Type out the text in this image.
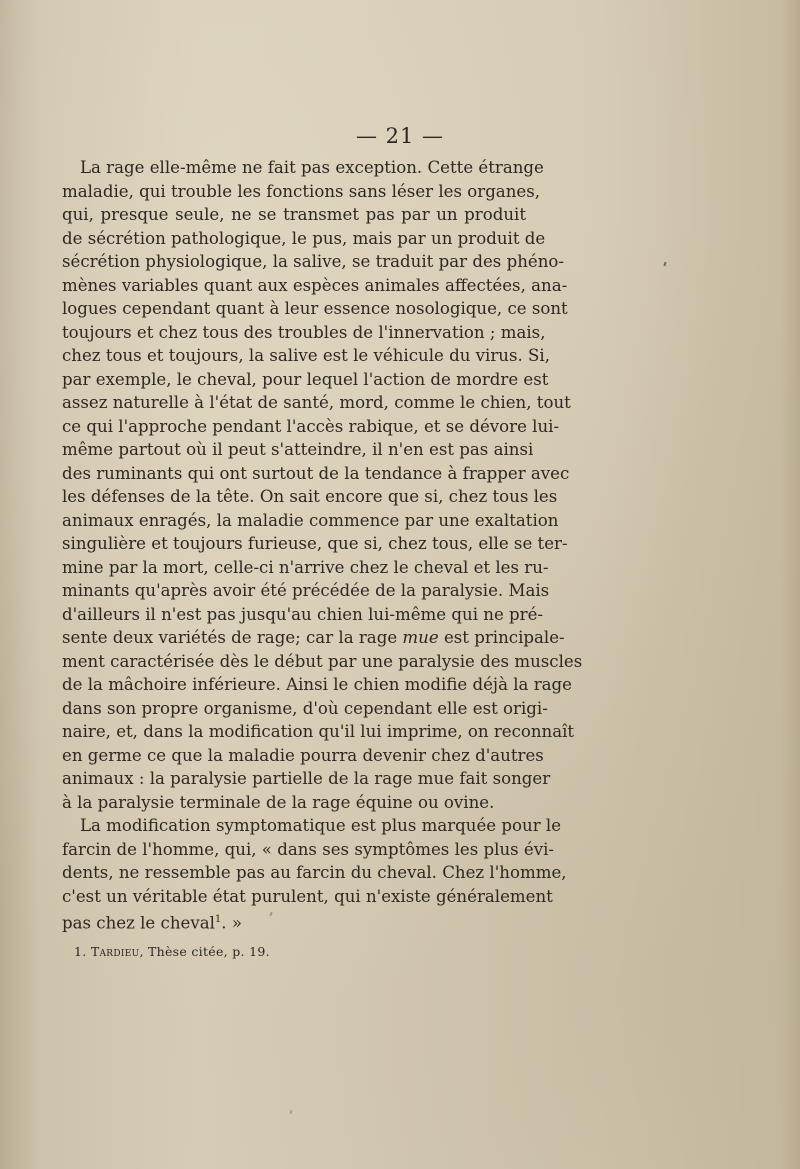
— 21 —
La rage elle-même ne fait pas exception. Cette étrange
maladie, qui trouble les fonctions sans léser les organes,
qui, presque seule, ne se transmet pas par un produit
de sécrétion pathologique, le pus, mais par un produit de
sécrétion physiologique, la salive, se traduit par des phéno-
mènes variables quant aux espèces animales affectées, ana-
logues cependant quant à leur essence nosologique, ce sont
toujours et chez tous des troubles de l'innervation ; mais,
chez tous et toujours, la salive est le véhicule du virus. Si,
par exemple, le cheval, pour lequel l'action de mordre est
assez naturelle à l'état de santé, mord, comme le chien, tout
ce qui l'approche pendant l'accès rabique, et se dévore lui-
même partout où il peut s'atteindre, il n'en est pas ainsi
des ruminants qui ont surtout de la tendance à frapper avec
les défenses de la tête. On sait encore que si, chez tous les
animaux enragés, la maladie commence par une exaltation
singulière et toujours furieuse, que si, chez tous, elle se ter-
mine par la mort, celle-ci n'arrive chez le cheval et les ru-
minants qu'après avoir été précédée de la paralysie. Mais
d'ailleurs il n'est pas jusqu'au chien lui-même qui ne pré-
sente deux variétés de rage; car la rage mue est principale-
ment caractérisée dès le début par une paralysie des muscles
de la mâchoire inférieure. Ainsi le chien modifie déjà la rage
dans son propre organisme, d'où cependant elle est origi-
naire, et, dans la modification qu'il lui imprime, on reconnaît
en germe ce que la maladie pourra devenir chez d'autres
animaux : la paralysie partielle de la rage mue fait songer
à la paralysie terminale de la rage équine ou ovine.
La modification symptomatique est plus marquée pour le
farcin de l'homme, qui, « dans ses symptômes les plus évi-
dents, ne ressemble pas au farcin du cheval. Chez l'homme,
c'est un véritable état purulent, qui n'existe généralement
pas chez le cheval$^1$. »
1. Tardieu, Thèse citée, p. 19.
